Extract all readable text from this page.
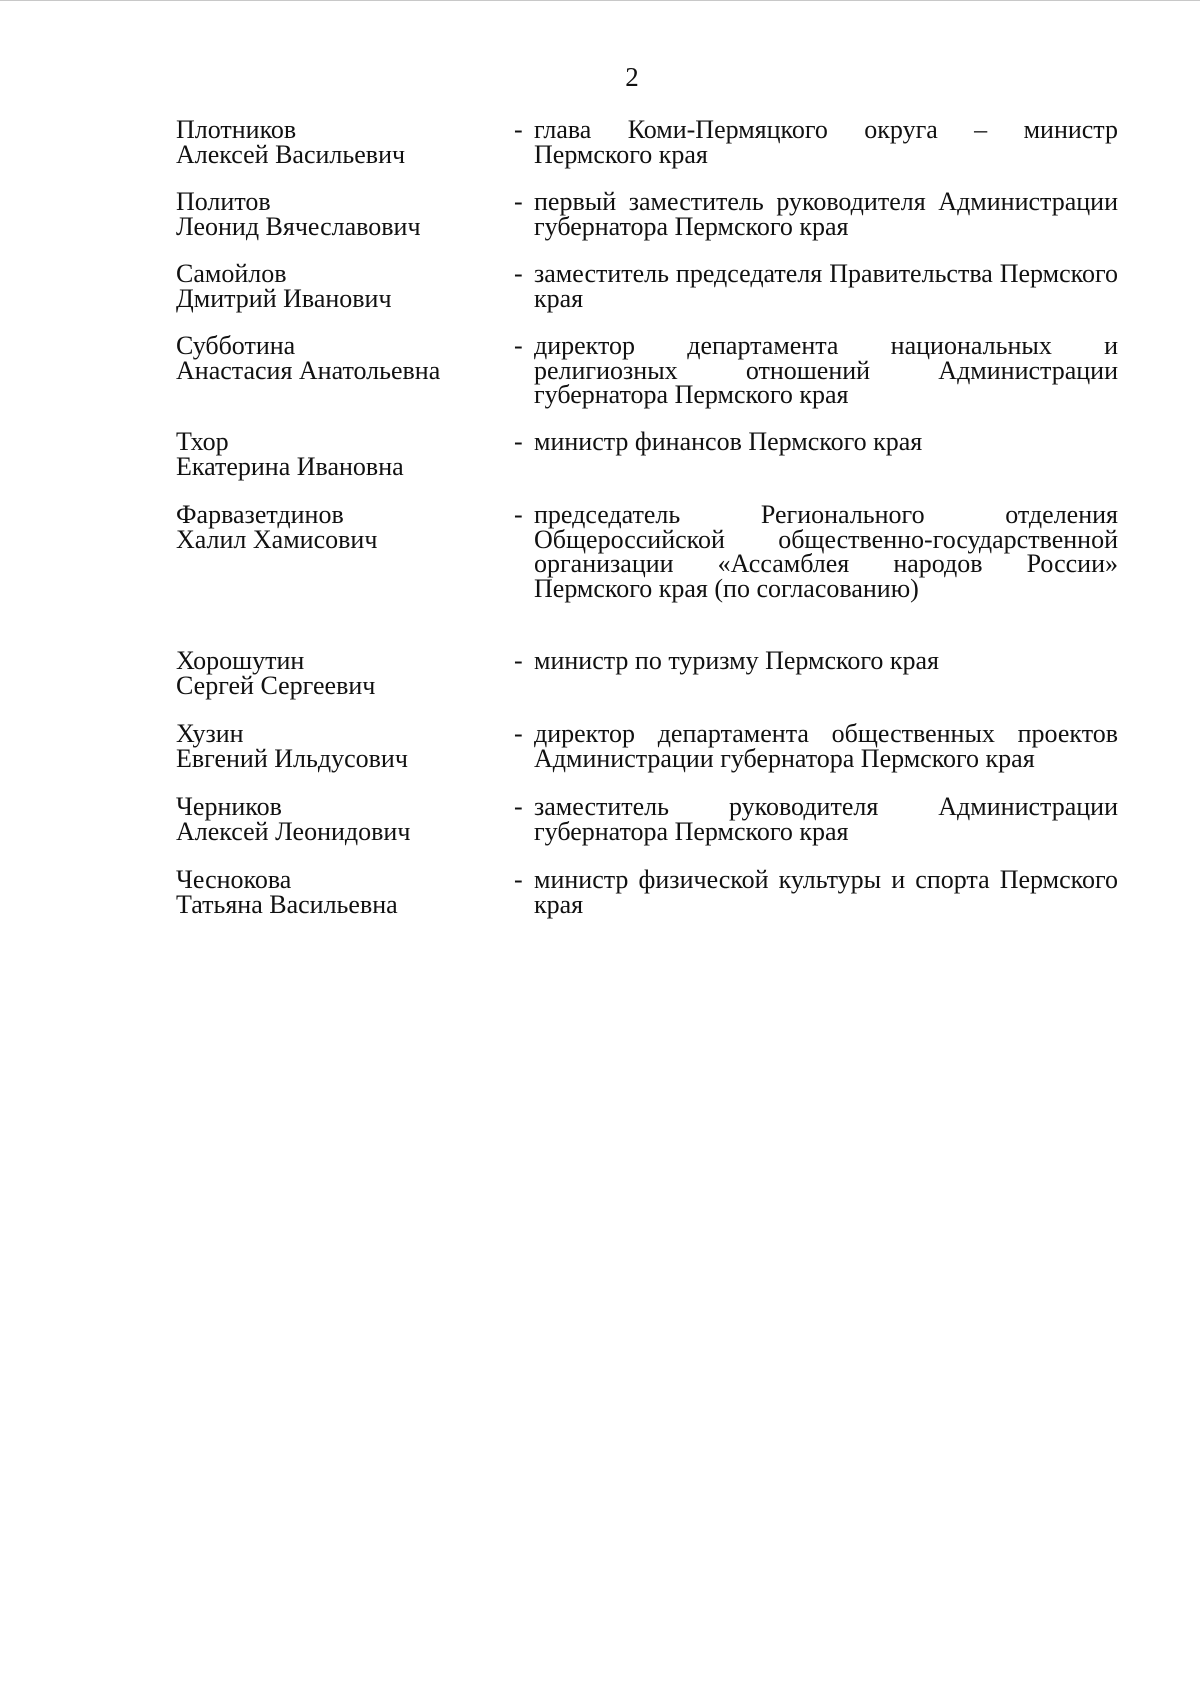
2
Плотников
Алексей Васильевич
- глава Коми-Пермяцкого округа – министр Пермского края
Политов
Леонид Вячеславович
- первый заместитель руководителя Администрации губернатора Пермского края
Самойлов
Дмитрий Иванович
- заместитель председателя Правительства Пермского края
Субботина
Анастасия Анатольевна
- директор департамента национальных и религиозных отношений Администрации губернатора Пермского края
Тхор
Екатерина Ивановна
- министр финансов Пермского края
Фарвазетдинов
Халил Хамисович
- председатель Регионального отделения Общероссийской общественно-государственной организации «Ассамблея народов России» Пермского края (по согласованию)
Хорошутин
Сергей Сергеевич
- министр по туризму Пермского края
Хузин
Евгений Ильдусович
- директор департамента общественных проектов Администрации губернатора Пермского края
Черников
Алексей Леонидович
- заместитель руководителя Администрации губернатора Пермского края
Чеснокова
Татьяна Васильевна
- министр физической культуры и спорта Пермского края
